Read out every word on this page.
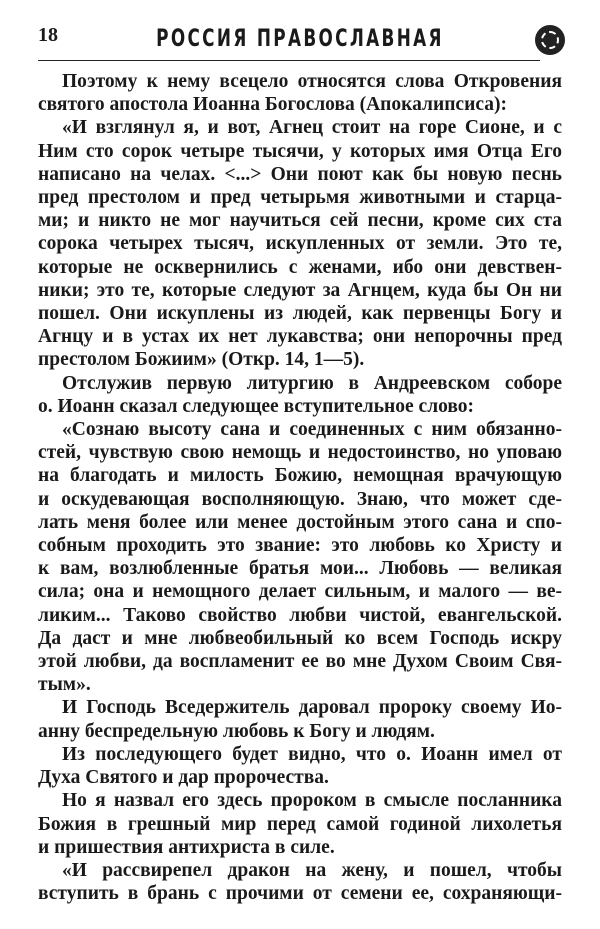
18	РОССИЯ ПРАВОСЛАВНАЯ
Поэтому к нему всецело относятся слова Откровения
святого апостола Иоанна Богослова (Апокалипсиса):
«И взглянул я, и вот, Агнец стоит на горе Сионе, и с
Ним сто сорок четыре тысячи, у которых имя Отца Его
написано на челах. <...> Они поют как бы новую песнь
пред престолом и пред четырьмя животными и старца-
ми; и никто не мог научиться сей песни, кроме сих ста
сорока четырех тысяч, искупленных от земли. Это те,
которые не осквернились с женами, ибо они девствен-
ники; это те, которые следуют за Агнцем, куда бы Он ни
пошел. Они искуплены из людей, как первенцы Богу и
Агнцу и в устах их нет лукавства; они непорочны пред
престолом Божиим» (Откр. 14, 1—5).
Отслужив первую литургию в Андреевском соборе
о. Иоанн сказал следующее вступительное слово:
«Сознаю высоту сана и соединенных с ним обязанно-
стей, чувствую свою немощь и недостоинство, но уповаю
на благодать и милость Божию, немощная врачующую
и оскудевающая восполняющую. Знаю, что может сде-
лать меня более или менее достойным этого сана и спо-
собным проходить это звание: это любовь ко Христу и
к вам, возлюбленные братья мои... Любовь — великая
сила; она и немощного делает сильным, и малого — ве-
ликим... Таково свойство любви чистой, евангельской.
Да даст и мне любвеобильный ко всем Господь искру
этой любви, да воспламенит ее во мне Духом Своим Свя-
тым».
И Господь Вседержитель даровал пророку своему Ио-
анну беспредельную любовь к Богу и людям.
Из последующего будет видно, что о. Иоанн имел от
Духа Святого и дар пророчества.
Но я назвал его здесь пророком в смысле посланника
Божия в грешный мир перед самой годиной лихолетья
и пришествия антихриста в силе.
«И рассвирепел дракон на жену, и пошел, чтобы
вступить в брань с прочими от семени ее, сохраняющи-
